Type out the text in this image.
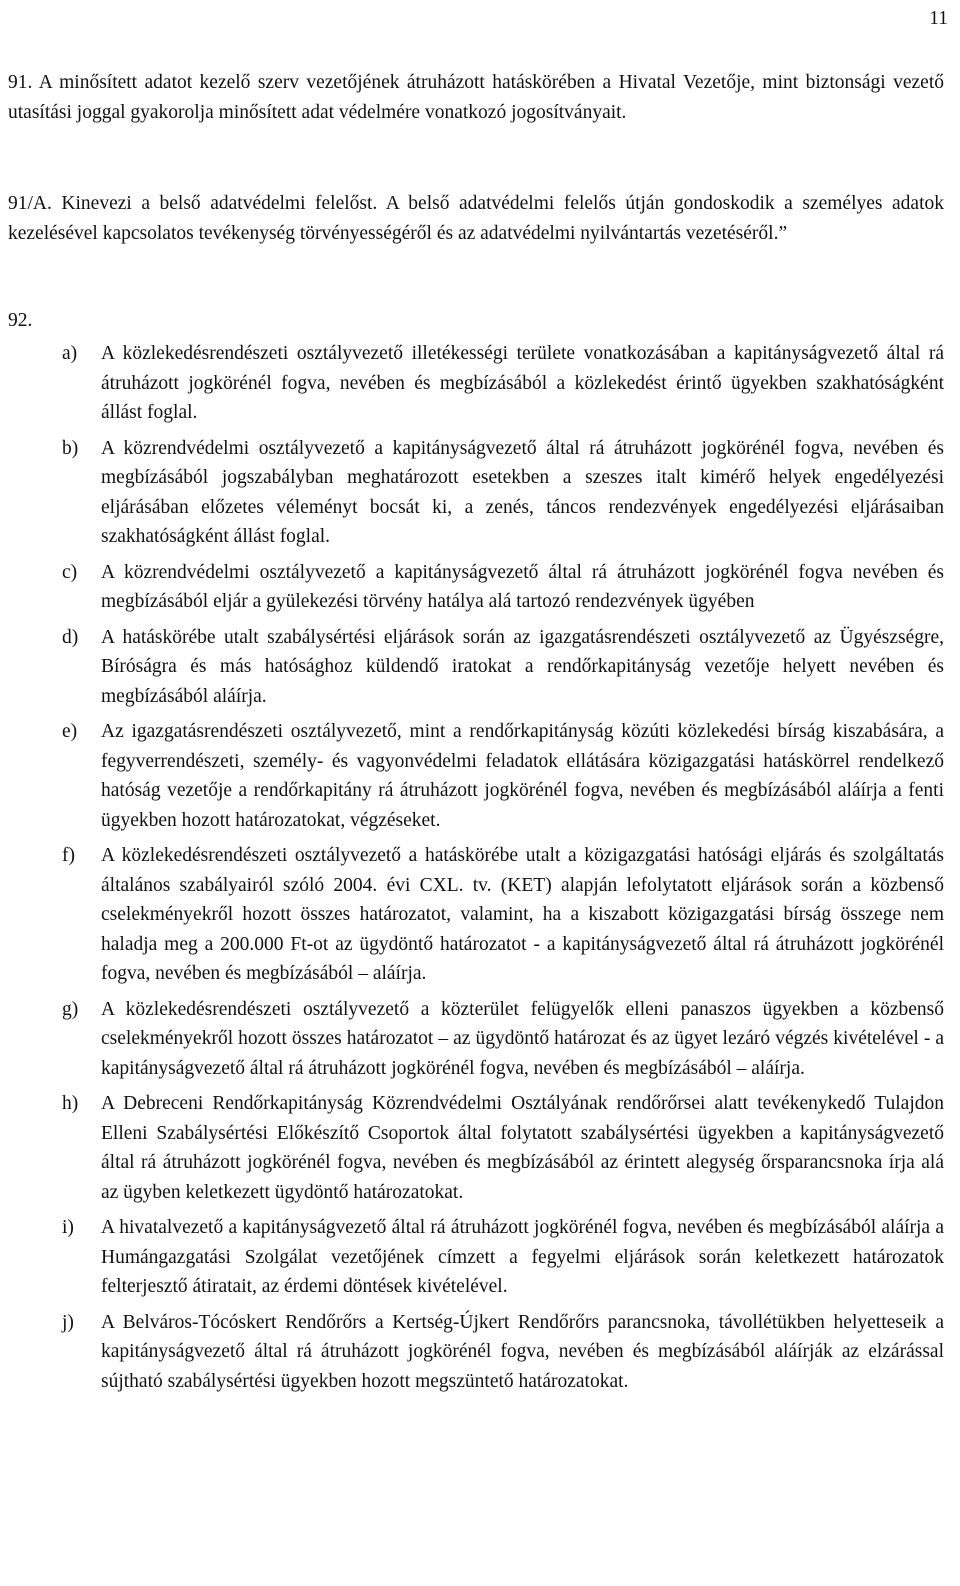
11

91. A minősített adatot kezelő szerv vezetőjének átruházott hatáskörében a Hivatal Vezetője, mint biztonsági vezető utasítási joggal gyakorolja minősített adat védelmére vonatkozó jogosítványait.

91/A. Kinevezi a belső adatvédelmi felelőst. A belső adatvédelmi felelős útján gondoskodik a személyes adatok kezelésével kapcsolatos tevékenység törvényességéről és az adatvédelmi nyilvántartás vezetéséről.”

92.

a)	A közlekedésrendészeti osztályvezető illetékességi területe vonatkozásában a kapitányságvezető által rá átruházott jogkörénél fogva, nevében és megbízásából a közlekedést érintő ügyekben szakhatóságként állást foglal.
b)	A közrendvédelmi osztályvezető a kapitányságvezető által rá átruházott jogkörénél fogva, nevében és megbízásából jogszabályban meghatározott esetekben a szeszes italt kimérő helyek engedélyezési eljárásában előzetes véleményt bocsát ki, a zenés, táncos rendezvények engedélyezési eljárásaiban szakhatóságként állást foglal.
c)	A közrendvédelmi osztályvezető a kapitányságvezető által rá átruházott jogkörénél fogva nevében és megbízásából eljár a gyülekezési törvény hatálya alá tartozó rendezvények ügyében
d)	A hatáskörébe utalt szabálysértési eljárások során az igazgatásrendészeti osztályvezető az Ügyészségre, Bíróságra és más hatósághoz küldendő iratokat a rendőrkapitányság vezetője helyett nevében és megbízásából aláírja.
e)	Az igazgatásrendészeti osztályvezető, mint a rendőrkapitányság közúti közlekedési bírság kiszabására, a fegyverrendészeti, személy- és vagyonvédelmi feladatok ellátására közigazgatási hatáskörrel rendelkező hatóság vezetője a rendőrkapitány rá átruházott jogkörénél fogva, nevében és megbízásából aláírja a fenti ügyekben hozott határozatokat, végzéseket.
f)	A közlekedésrendészeti osztályvezető a hatáskörébe utalt a közigazgatási hatósági eljárás és szolgáltatás általános szabályairól szóló 2004. évi CXL. tv. (KET) alapján lefolytatott eljárások során a közbenső cselekményekről hozott összes határozatot, valamint, ha a kiszabott közigazgatási bírság összege nem haladja meg a 200.000 Ft-ot az ügydöntő határozatot - a kapitányságvezető által rá átruházott jogkörénél fogva, nevében és megbízásából – aláírja.
g)	A közlekedésrendészeti osztályvezető a közterület felügyelők elleni panaszos ügyekben a közbenső cselekményekről hozott összes határozatot – az ügydöntő határozat és az ügyet lezáró végzés kivételével - a kapitányságvezető által rá átruházott jogkörénél fogva, nevében és megbízásából – aláírja.
h)	A Debreceni Rendőrkapitányság Közrendvédelmi Osztályának rendőrőrsei alatt tevékenykedő Tulajdon Elleni Szabálysértési Előkészítő Csoportok által folytatott szabálysértési ügyekben a kapitányságvezető által rá átruházott jogkörénél fogva, nevében és megbízásából az érintett alegység őrsparancsnoka írja alá az ügyben keletkezett ügydöntő határozatokat.
i)	A hivatalvezető a kapitányságvezető által rá átruházott jogkörénél fogva, nevében és megbízásából aláírja a Humángazgatási Szolgálat vezetőjének címzett a fegyelmi eljárások során keletkezett határozatok felterjesztő átiratait, az érdemi döntések kivételével.
j)	A Belváros-Tócóskert Rendőrőrs a Kertség-Újkert Rendőrőrs parancsnoka, távollétükben helyetteseik a kapitányságvezető által rá átruházott jogkörénél fogva, nevében és megbízásából aláírják az elzárással sújtható szabálysértési ügyekben hozott megszüntető határozatokat.
